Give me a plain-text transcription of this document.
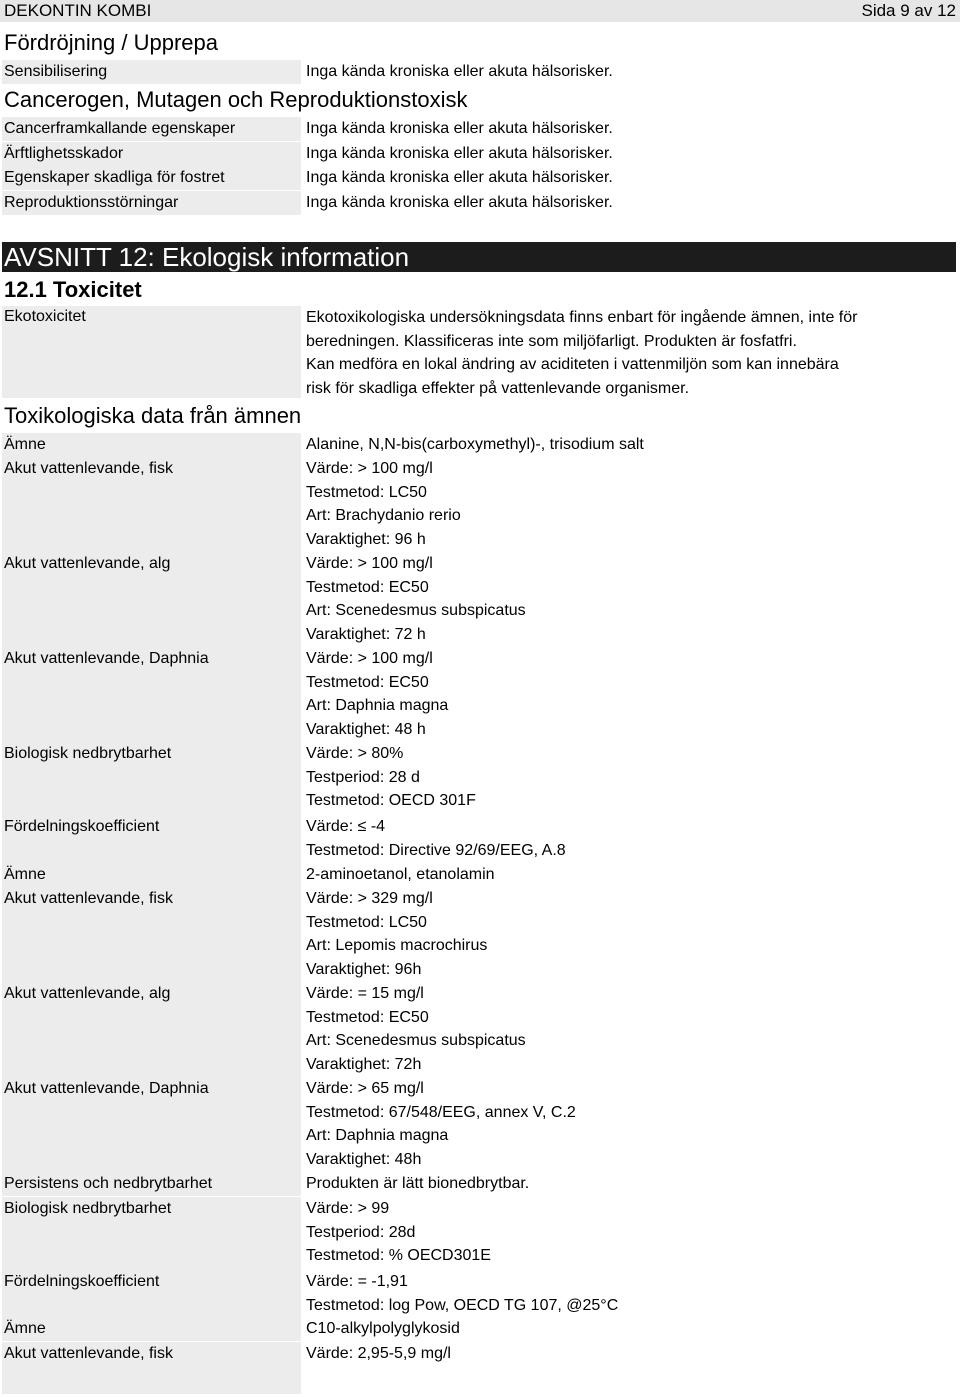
DEKONTIN KOMBI	Sida 9 av 12
Fördröjning / Upprepa
Sensibilisering	Inga kända kroniska eller akuta hälsorisker.
Cancerogen, Mutagen och Reproduktionstoxisk
Cancerframkallande egenskaper	Inga kända kroniska eller akuta hälsorisker.
Ärftlighetsskador	Inga kända kroniska eller akuta hälsorisker.
Egenskaper skadliga för fostret	Inga kända kroniska eller akuta hälsorisker.
Reproduktionsstörningar	Inga kända kroniska eller akuta hälsorisker.
AVSNITT 12: Ekologisk information
12.1 Toxicitet
Ekotoxicitet	Ekotoxikologiska undersökningsdata finns enbart för ingående ämnen, inte för
beredningen. Klassificeras inte som miljöfarligt. Produkten är fosfatfri.
Kan medföra en lokal ändring av aciditeten i vattenmiljön som kan innebära
risk för skadliga effekter på vattenlevande organismer.
Toxikologiska data från ämnen
Ämne	Alanine, N,N-bis(carboxymethyl)-, trisodium salt
Akut vattenlevande, fisk	Värde: > 100 mg/l
Testmetod: LC50
Art: Brachydanio rerio
Varaktighet: 96 h
Akut vattenlevande, alg	Värde: > 100 mg/l
Testmetod: EC50
Art: Scenedesmus subspicatus
Varaktighet: 72 h
Akut vattenlevande, Daphnia	Värde: > 100 mg/l
Testmetod: EC50
Art: Daphnia magna
Varaktighet: 48 h
Biologisk nedbrytbarhet	Värde: > 80%
Testperiod: 28 d
Testmetod: OECD 301F
Fördelningskoefficient	Värde: ≤ -4
Testmetod: Directive 92/69/EEG, A.8
Ämne	2-aminoetanol, etanolamin
Akut vattenlevande, fisk	Värde: > 329 mg/l
Testmetod: LC50
Art: Lepomis macrochirus
Varaktighet: 96h
Akut vattenlevande, alg	Värde: = 15 mg/l
Testmetod: EC50
Art: Scenedesmus subspicatus
Varaktighet: 72h
Akut vattenlevande, Daphnia	Värde: > 65 mg/l
Testmetod: 67/548/EEG, annex V, C.2
Art: Daphnia magna
Varaktighet: 48h
Persistens och nedbrytbarhet	Produkten är lätt bionedbrytbar.
Biologisk nedbrytbarhet	Värde: > 99
Testperiod: 28d
Testmetod: % OECD301E
Fördelningskoefficient	Värde: = -1,91
Testmetod: log Pow, OECD TG 107, @25°C
Ämne	C10-alkylpolyglykosid
Akut vattenlevande, fisk	Värde: 2,95-5,9 mg/l
